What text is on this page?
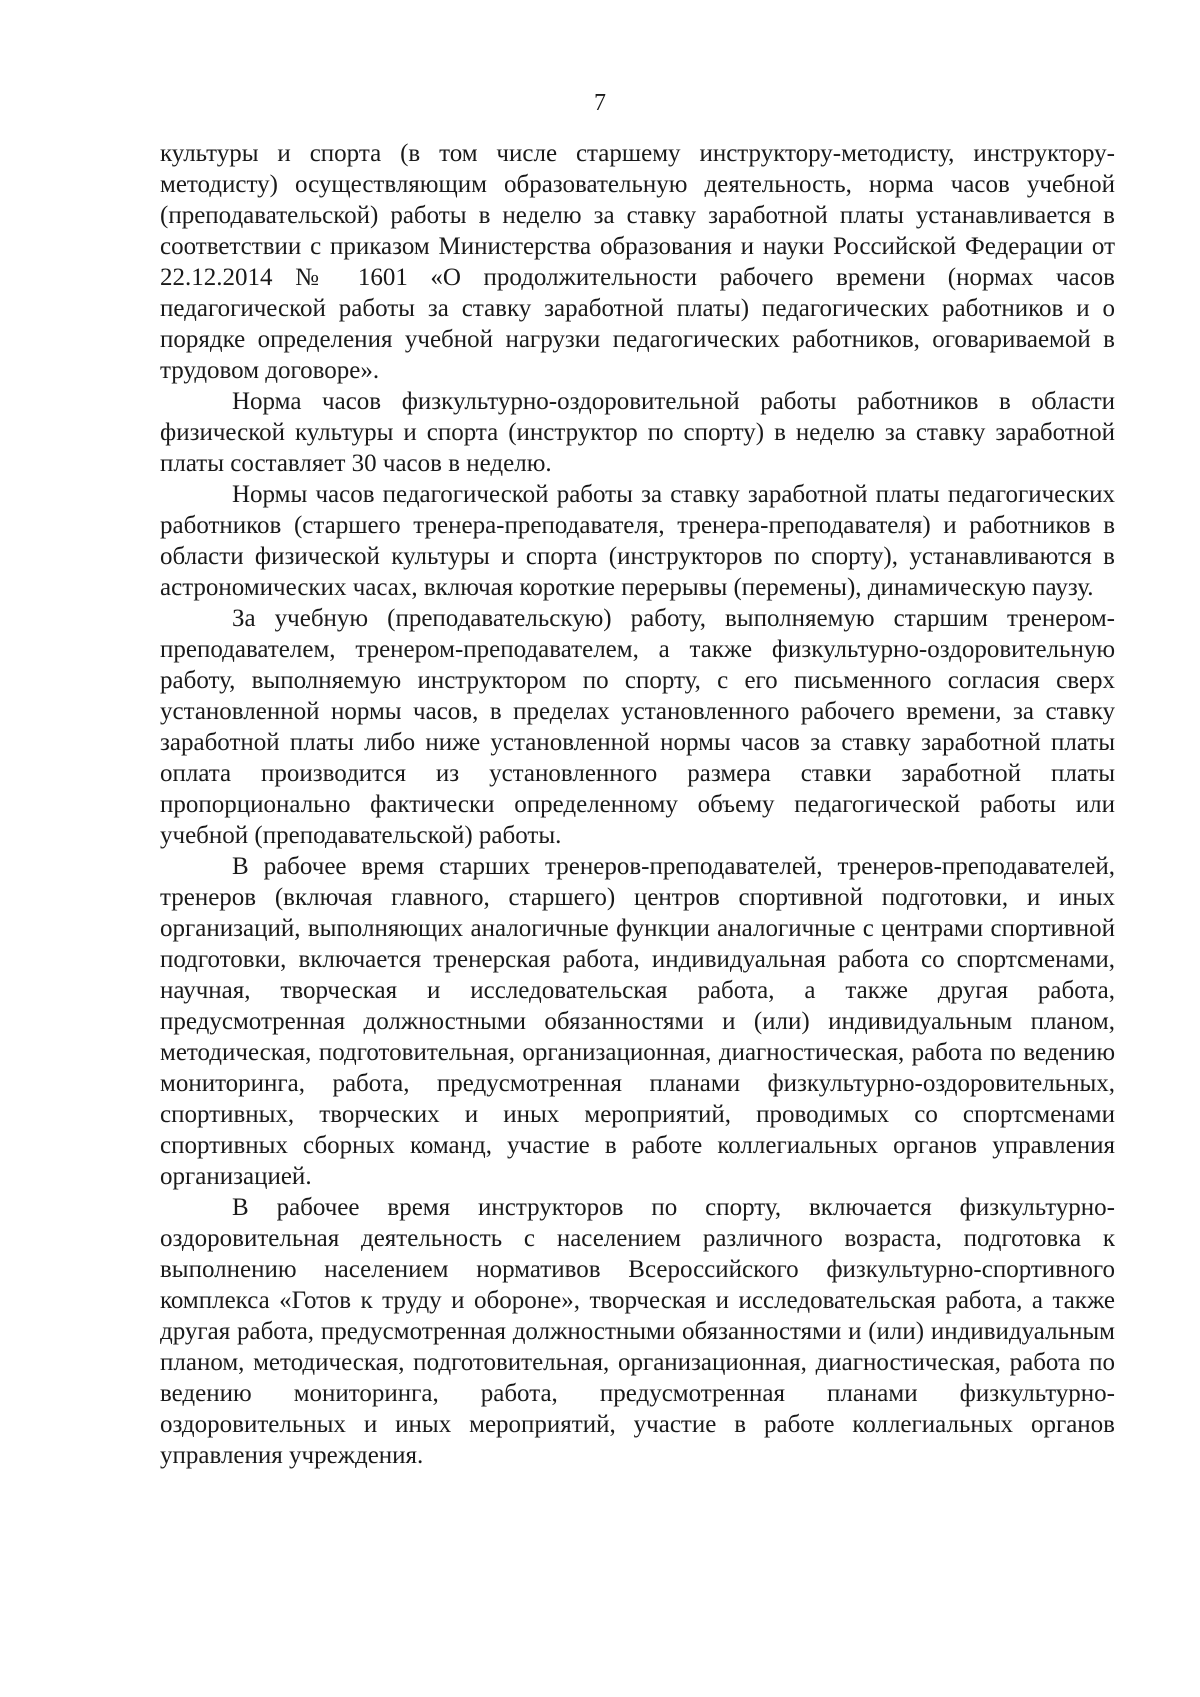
7

культуры и спорта (в том числе старшему инструктору-методисту, инструктору-методисту) осуществляющим образовательную деятельность, норма часов учебной (преподавательской) работы в неделю за ставку заработной платы устанавливается в соответствии с приказом Министерства образования и науки Российской Федерации от 22.12.2014 № 1601 «О продолжительности рабочего времени (нормах часов педагогической работы за ставку заработной платы) педагогических работников и о порядке определения учебной нагрузки педагогических работников, оговариваемой в трудовом договоре».

Норма часов физкультурно-оздоровительной работы работников в области физической культуры и спорта (инструктор по спорту) в неделю за ставку заработной платы составляет 30 часов в неделю.

Нормы часов педагогической работы за ставку заработной платы педагогических работников (старшего тренера-преподавателя, тренера-преподавателя) и работников в области физической культуры и спорта (инструкторов по спорту), устанавливаются в астрономических часах, включая короткие перерывы (перемены), динамическую паузу.

За учебную (преподавательскую) работу, выполняемую старшим тренером-преподавателем, тренером-преподавателем, а также физкультурно-оздоровительную работу, выполняемую инструктором по спорту, с его письменного согласия сверх установленной нормы часов, в пределах установленного рабочего времени, за ставку заработной платы либо ниже установленной нормы часов за ставку заработной платы оплата производится из установленного размера ставки заработной платы пропорционально фактически определенному объему педагогической работы или учебной (преподавательской) работы.

В рабочее время старших тренеров-преподавателей, тренеров-преподавателей, тренеров (включая главного, старшего) центров спортивной подготовки, и иных организаций, выполняющих аналогичные функции аналогичные с центрами спортивной подготовки, включается тренерская работа, индивидуальная работа со спортсменами, научная, творческая и исследовательская работа, а также другая работа, предусмотренная должностными обязанностями и (или) индивидуальным планом, методическая, подготовительная, организационная, диагностическая, работа по ведению мониторинга, работа, предусмотренная планами физкультурно-оздоровительных, спортивных, творческих и иных мероприятий, проводимых со спортсменами спортивных сборных команд, участие в работе коллегиальных органов управления организацией.

В рабочее время инструкторов по спорту, включается физкультурно-оздоровительная деятельность с населением различного возраста, подготовка к выполнению населением нормативов Всероссийского физкультурно-спортивного комплекса «Готов к труду и обороне», творческая и исследовательская работа, а также другая работа, предусмотренная должностными обязанностями и (или) индивидуальным планом, методическая, подготовительная, организационная, диагностическая, работа по ведению мониторинга, работа, предусмотренная планами физкультурно-оздоровительных и иных мероприятий, участие в работе коллегиальных органов управления учреждения.
